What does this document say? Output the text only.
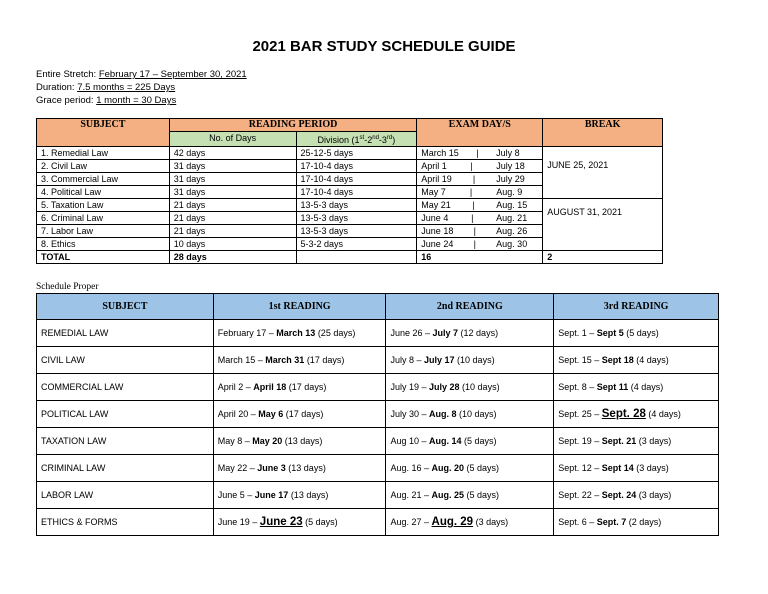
2021 BAR STUDY SCHEDULE GUIDE
Entire Stretch: February 17 – September 30, 2021
Duration: 7.5 months = 225 Days
Grace period: 1 month = 30 Days
SUBJECT	READING PERIOD		EXAM DAY/S	BREAK
	No. of Days	Division (1st-2nd-3rd)		
1. Remedial Law	42 days	25-12-5 days	March 15 | July 8	JUNE 25, 2021

2. Civil Law	31 days	17-10-4 days	April 1 | July 18	

3. Commercial Law	31 days	17-10-4 days	April 19 | July 29	

4. Political Law	31 days	17-10-4 days	May 7 | Aug. 9	

5. Taxation Law	21 days	13-5-3 days	May 21 | Aug. 15	AUGUST 31, 2021

6. Criminal Law	21 days	13-5-3 days	June 4 | Aug. 21	

7. Labor Law	21 days	13-5-3 days	June 18 | Aug. 26	

8. Ethics	10 days	5-3-2 days	June 24 | Aug. 30	

TOTAL	28 days		16	2
Schedule Proper
SUBJECT	1st READING	2nd READING	3rd READING
REMEDIAL LAW	February 17 – March 13 (25 days)	June 26 – July 7 (12 days)	Sept. 1 – Sept 5 (5 days)
CIVIL LAW	March 15 – March 31 (17 days)	July 8 – July 17 (10 days)	Sept. 15 – Sept 18 (4 days)
COMMERCIAL LAW	April 2 – April 18 (17 days)	July 19 – July 28 (10 days)	Sept. 8 – Sept 11 (4 days)
POLITICAL LAW	April 20 – May 6 (17 days)	July 30 – Aug. 8 (10 days)	Sept. 25 – Sept. 28 (4 days)
TAXATION LAW	May 8 – May 20 (13 days)	Aug 10 – Aug. 14 (5 days)	Sept. 19 – Sept. 21 (3 days)
CRIMINAL LAW	May 22 – June 3 (13 days)	Aug. 16 – Aug. 20 (5 days)	Sept. 12 – Sept 14 (3 days)
LABOR LAW	June 5 – June 17 (13 days)	Aug. 21 – Aug. 25 (5 days)	Sept. 22 – Sept. 24 (3 days)
ETHICS & FORMS	June 19 – June 23 (5 days)	Aug. 27 – Aug. 29 (3 days)	Sept. 6 – Sept. 7 (2 days)
